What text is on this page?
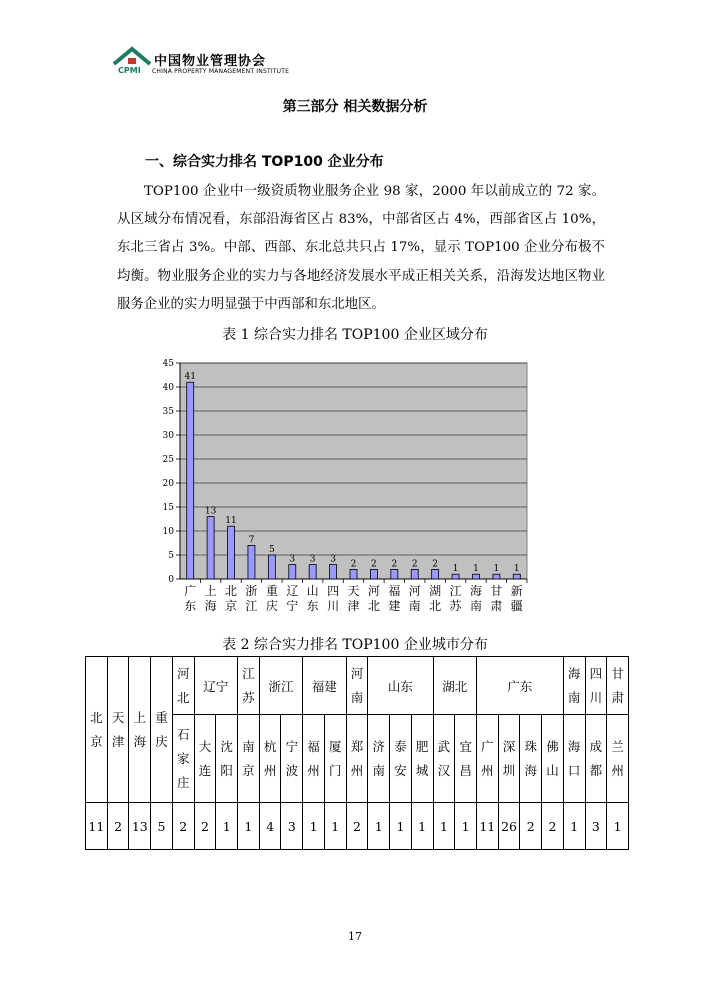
CPMI
中国物业管理协会
CHINA PROPERTY MANAGEMENT INSTITUTE
第三部分 相关数据分析
一、综合实力排名 TOP100 企业分布
TOP100 企业中一级资质物业服务企业 98 家，2000 年以前成立的 72 家。从区域分布情况看，东部沿海省区占 83%，中部省区占 4%，西部省区占 10%，东北三省占 3%。中部、西部、东北总共只占 17%，显示 TOP100 企业分布极不均衡。物业服务企业的实力与各地经济发展水平成正相关关系，沿海发达地区物业服务企业的实力明显强于中西部和东北地区。
表 1 综合实力排名 TOP100 企业区域分布
0
5
10
15
20
25
30
35
40
45
41
广
东
13
上
海
11
北
京
7
浙
江
5
重
庆
3
辽
宁
3
山
东
3
四
川
2
天
津
2
河
北
2
福
建
2
河
南
2
湖
北
1
江
苏
1
海
南
1
甘
肃
1
新
疆
表 2 综合实力排名 TOP100 企业城市分布
北京	天津	上海	重庆	河北	辽宁		江苏	浙江		福建		河南	山东			湖北		广东				海南	四川	甘肃
				石家庄	大连	沈阳	南京	杭州	宁波	福州	厦门	郑州	济南	泰安	肥城	武汉	宜昌	广州	深圳	珠海	佛山	海口	成都	兰州
11	2	13	5	2	2	1	1	4	3	1	1	2	1	1	1	1	1	11	26	2	2	1	3	1
17
